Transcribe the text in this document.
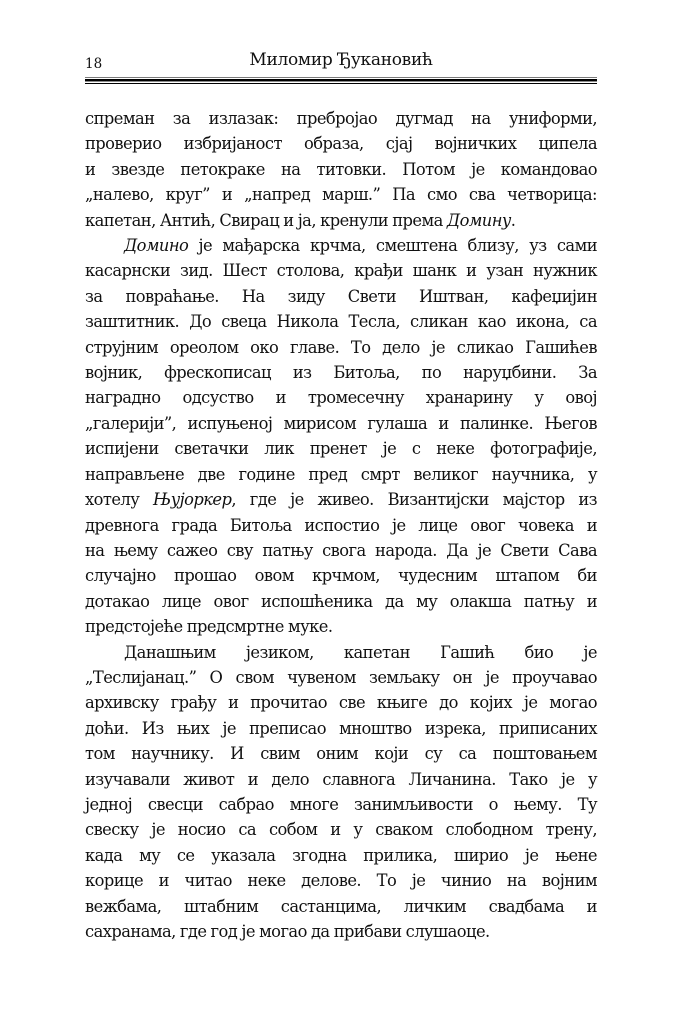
18	Миломир Ђукановић
спреман за излазак: пребројао дугмад на униформи,
проверио избријаност образа, сјај војничких ципела
и звезде петокраке на титовки. Потом је командовао
„налево, круг” и „напред марш.” Па смо сва четворица:
капетан, Антић, Свирац и ја, кренули према Домину.
Домино је мађарска крчма, смештена близу, уз сами
касарнски зид. Шест столова, крађи шанк и узан нужник
за повраћање. На зиду Свети Иштван, кафеџијин
заштитник. До свеца Никола Тесла, сликан као икона, са
струјним ореолом око главе. То дело је сликао Гашићев
војник, фрескописац из Битоља, по наруџбини. За
наградно одсуство и тромесечну хранарину у овој
„галерији”, испуњеној мирисом гулаша и палинке. Његов
испијени светачки лик пренет је с неке фотографије,
направљене две године пред смрт великог научника, у
хотелу Њујоркер, где је живео. Византијски мајстор из
древнога града Битоља испостио је лице овог човека и
на њему сажео сву патњу свога народа. Да је Свети Сава
случајно прошао овом крчмом, чудесним штапом би
дотакао лице овог испошћеника да му олакша патњу и
предстојеће предсмртне муке.
Данашњим језиком, капетан Гашић био је
„Теслијанац.” О свом чувеном земљаку он је проучавао
архивску грађу и прочитао све књиге до којих је могао
доћи. Из њих је преписао мноштво изрека, приписаних
том научнику. И свим оним који су са поштовањем
изучавали живот и дело славнога Личанина. Тако је у
једној свесци сабрао многе занимљивости о њему. Ту
свеску је носио са собом и у сваком слободном трену,
када му се указала згодна прилика, ширио је њене
корице и читао неке делове. То је чинио на војним
вежбама, штабним састанцима, личким свадбама и
сахранама, где год је могао да прибави слушаоце.
